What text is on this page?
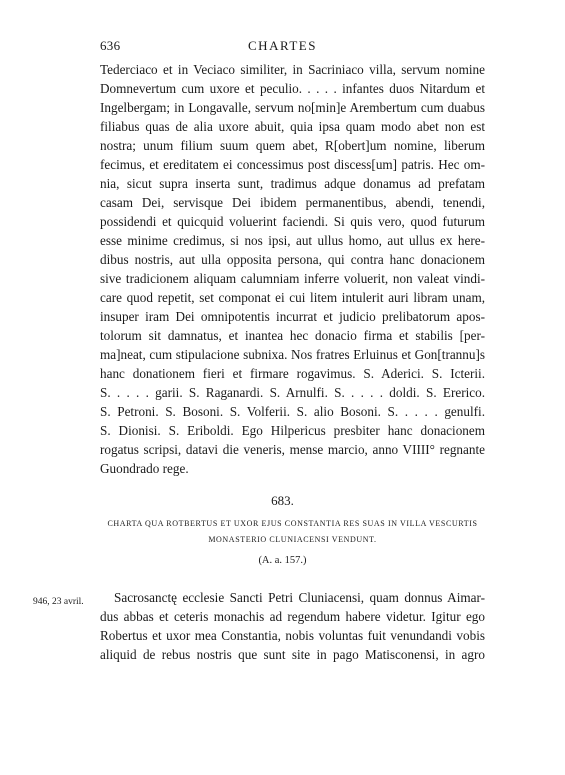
636	CHARTES
Tederciaco et in Veciaco similiter, in Sacriniaco villa, servum nomine
Domnevertum cum uxore et peculio. . . . . infantes duos Nitardum et
Ingelbergam; in Longavalle, servum no[min]e Arembertum cum duabus
filiabus quas de alia uxore abuit, quia ipsa quam modo abet non est
nostra; unum filium suum quem abet, R[obert]um nomine, liberum
fecimus, et ereditatem ei concessimus post discess[um] patris. Hec om-
nia, sicut supra inserta sunt, tradimus adque donamus ad prefatam
casam Dei, servisque Dei ibidem permanentibus, abendi, tenendi,
possidendi et quicquid voluerint faciendi. Si quis vero, quod futurum
esse minime credimus, si nos ipsi, aut ullus homo, aut ullus ex here-
dibus nostris, aut ulla opposita persona, qui contra hanc donacionem
sive tradicionem aliquam calumniam inferre voluerit, non valeat vindi-
care quod repetit, set componat ei cui litem intulerit auri libram unam,
insuper iram Dei omnipotentis incurrat et judicio prelibatorum apos-
tolorum sit damnatus, et inantea hec donacio firma et stabilis [per-
ma]neat, cum stipulacione subnixa. Nos fratres Erluinus et Gon[trannu]s
hanc donationem fieri et firmare rogavimus. S. Aderici. S. Icterii.
S. . . . . garii. S. Raganardi. S. Arnulfi. S. . . . . doldi. S. Ererico.
S. Petroni. S. Bosoni. S. Volferii. S. alio Bosoni. S. . . . . genulfi.
S. Dionisi. S. Eriboldi. Ego Hilpericus presbiter hanc donacionem
rogatus scripsi, datavi die veneris, mense marcio, anno VIIII° regnante
Guondrado rege.
683.
CHARTA QUA ROTBERTUS ET UXOR EJUS CONSTANTIA RES SUAS IN VILLA VESCURTIS
MONASTERIO CLUNIACENSI VENDUNT.
(A. a. 157.)
946, 23 avril.	Sacrosanctę ecclesie Sancti Petri Cluniacensi, quam donnus Aimar-
dus abbas et ceteris monachis ad regendum habere videtur. Igitur ego
Robertus et uxor mea Constantia, nobis voluntas fuit venundandi vobis
aliquid de rebus nostris que sunt site in pago Matisconensi, in agro
